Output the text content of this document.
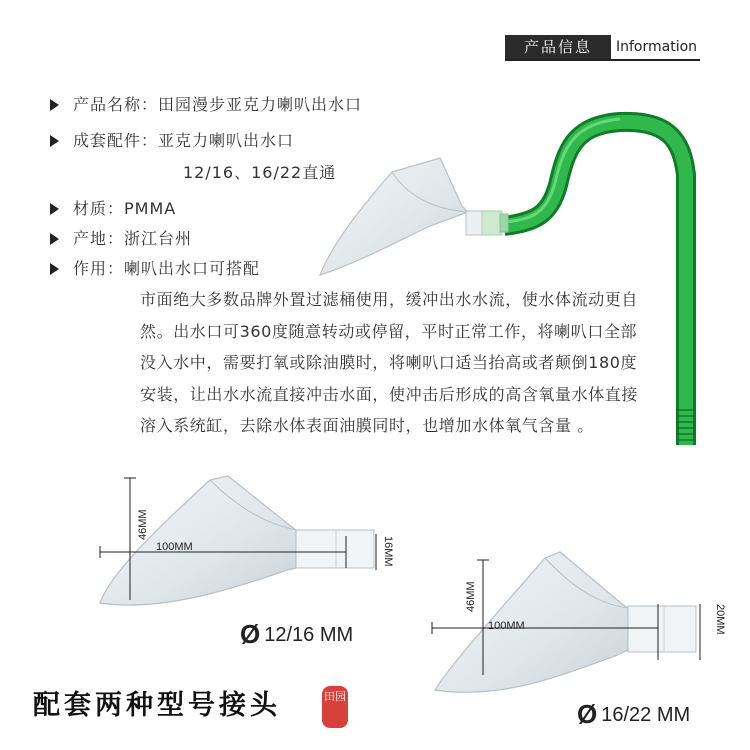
产品信息	Information
产品名称：田园漫步亚克力喇叭出水口
成套配件：亚克力喇叭出水口
12/16、16/22直通
材质：PMMA
产地：浙江台州
作用：喇叭出水口可搭配
市面绝大多数品牌外置过滤桶使用，缓冲出水水流，使水体流动更自然。出水口可360度随意转动或停留，平时正常工作，将喇叭口全部没入水中，需要打氧或除油膜时，将喇叭口适当抬高或者颠倒180度安装，让出水水流直接冲击水面，使冲击后形成的高含氧量水体直接溶入系统缸，去除水体表面油膜同时，也增加水体氧气含量 。
46MM
100MM	16MM
Ø 12/16 MM
46MM
100MM	20MM
Ø 16/22 MM
配套两种型号接头	田园
